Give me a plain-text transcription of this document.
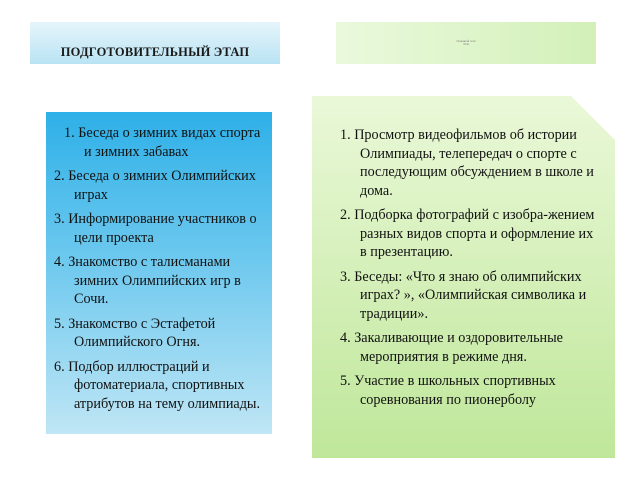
ПОДГОТОВИТЕЛЬНЫЙ ЭТАП
Основной этап
Этап
1. Беседа о зимних видах спорта и зимних забавах
2. Беседа о зимних Олимпийских играх
3. Информирование участников о цели проекта
4. Знакомство с талисманами зимних Олимпийских игр в Сочи.
5. Знакомство с Эстафетой Олимпийского Огня.
6. Подбор иллюстраций и фотоматериала, спортивных атрибутов на тему олимпиады.
1. Просмотр видеофильмов об истории Олимпиады, телепередач о спорте с последующим обсуждением в школе и дома.
2. Подборка фотографий с изобра-жением разных видов спорта и оформление их в презентацию.
3. Беседы: «Что я знаю об олимпийских играх? », «Олимпийская символика и традиции».
4. Закаливающие и оздоровительные мероприятия в режиме дня.
5. Участие в школьных спортивных соревнования по пионерболу
